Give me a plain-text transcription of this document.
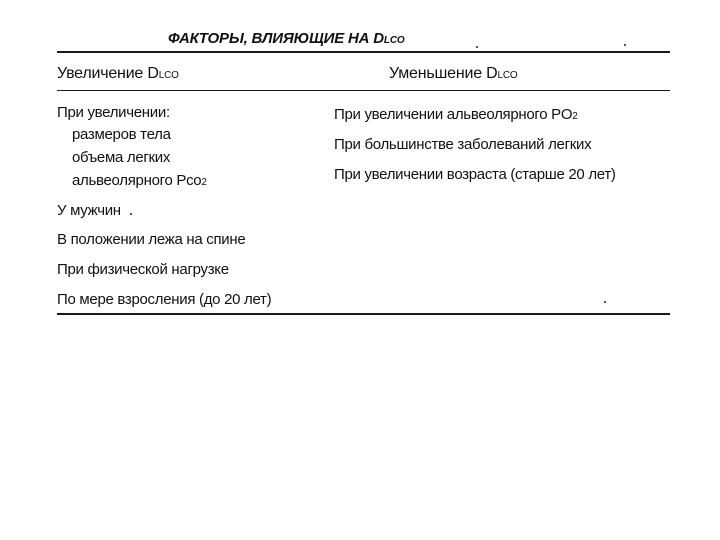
ФАКТОРЫ, ВЛИЯЮЩИЕ НА DLCO
Увеличение DLCO	Уменьшение DLCO
При увеличении:
размеров тела
объема легких
альвеолярного Pco2
У мужчин
В положении лежа на спине
При физической нагрузке
По мере взросления (до 20 лет)
При увеличении альвеолярного PO2
При большинстве заболеваний легких
При увеличении возраста (старше 20 лет)
